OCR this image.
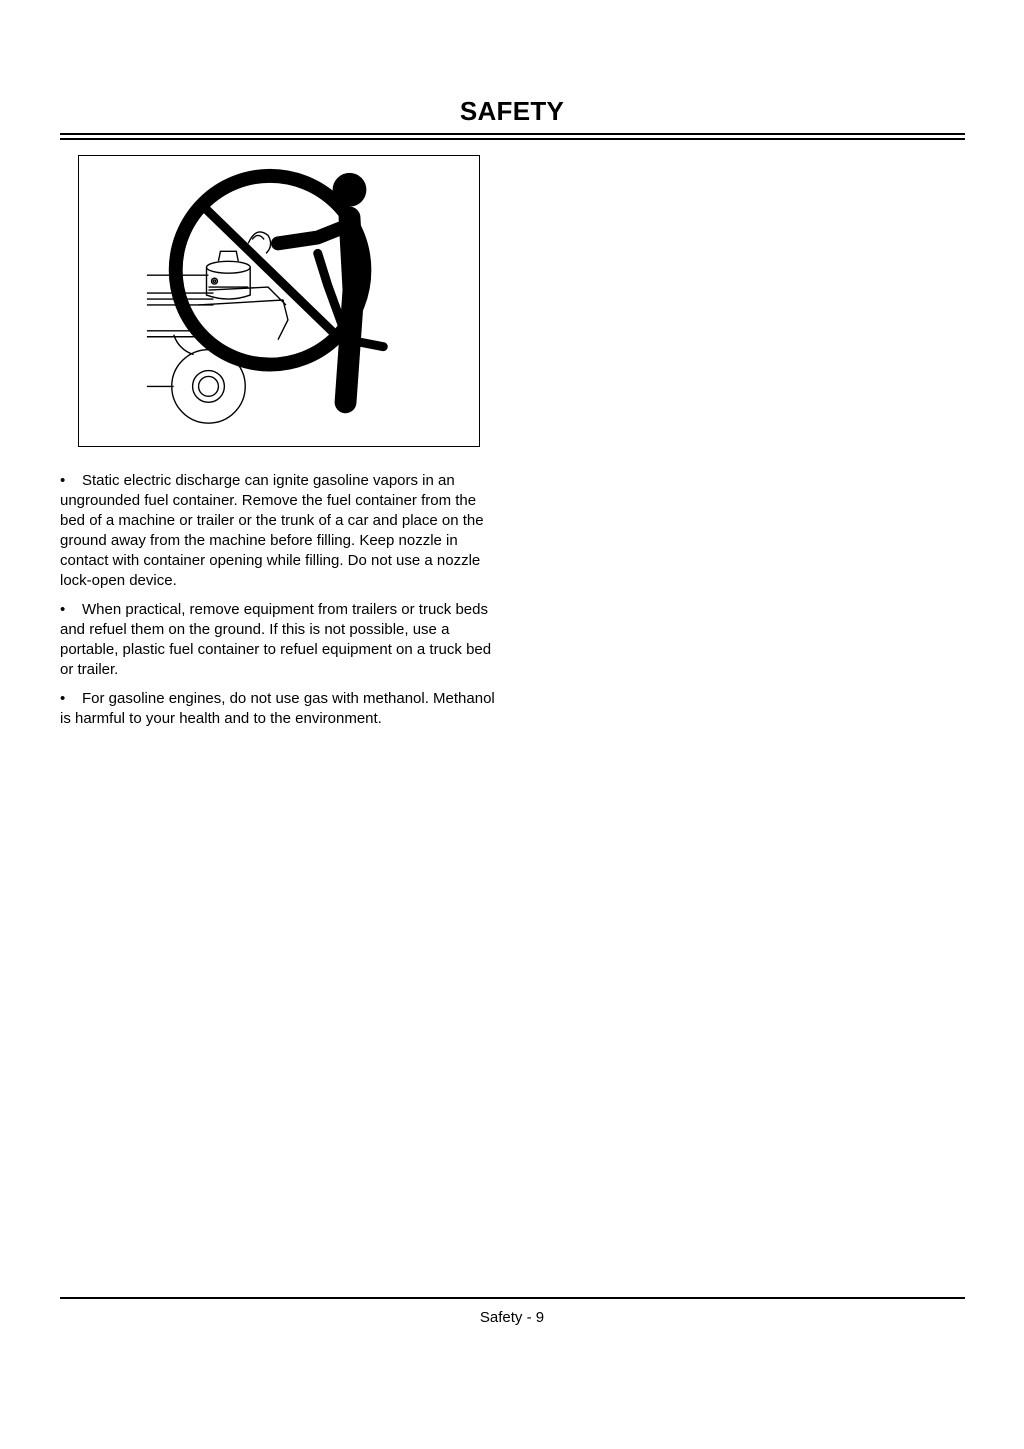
SAFETY

• Static electric discharge can ignite gasoline vapors in an ungrounded fuel container. Remove the fuel container from the bed of a machine or trailer or the trunk of a car and place on the ground away from the machine before filling. Keep nozzle in contact with container opening while filling. Do not use a nozzle lock-open device.

• When practical, remove equipment from trailers or truck beds and refuel them on the ground. If this is not possible, use a portable, plastic fuel container to refuel equipment on a truck bed or trailer.

• For gasoline engines, do not use gas with methanol. Methanol is harmful to your health and to the environment.

Safety - 9
